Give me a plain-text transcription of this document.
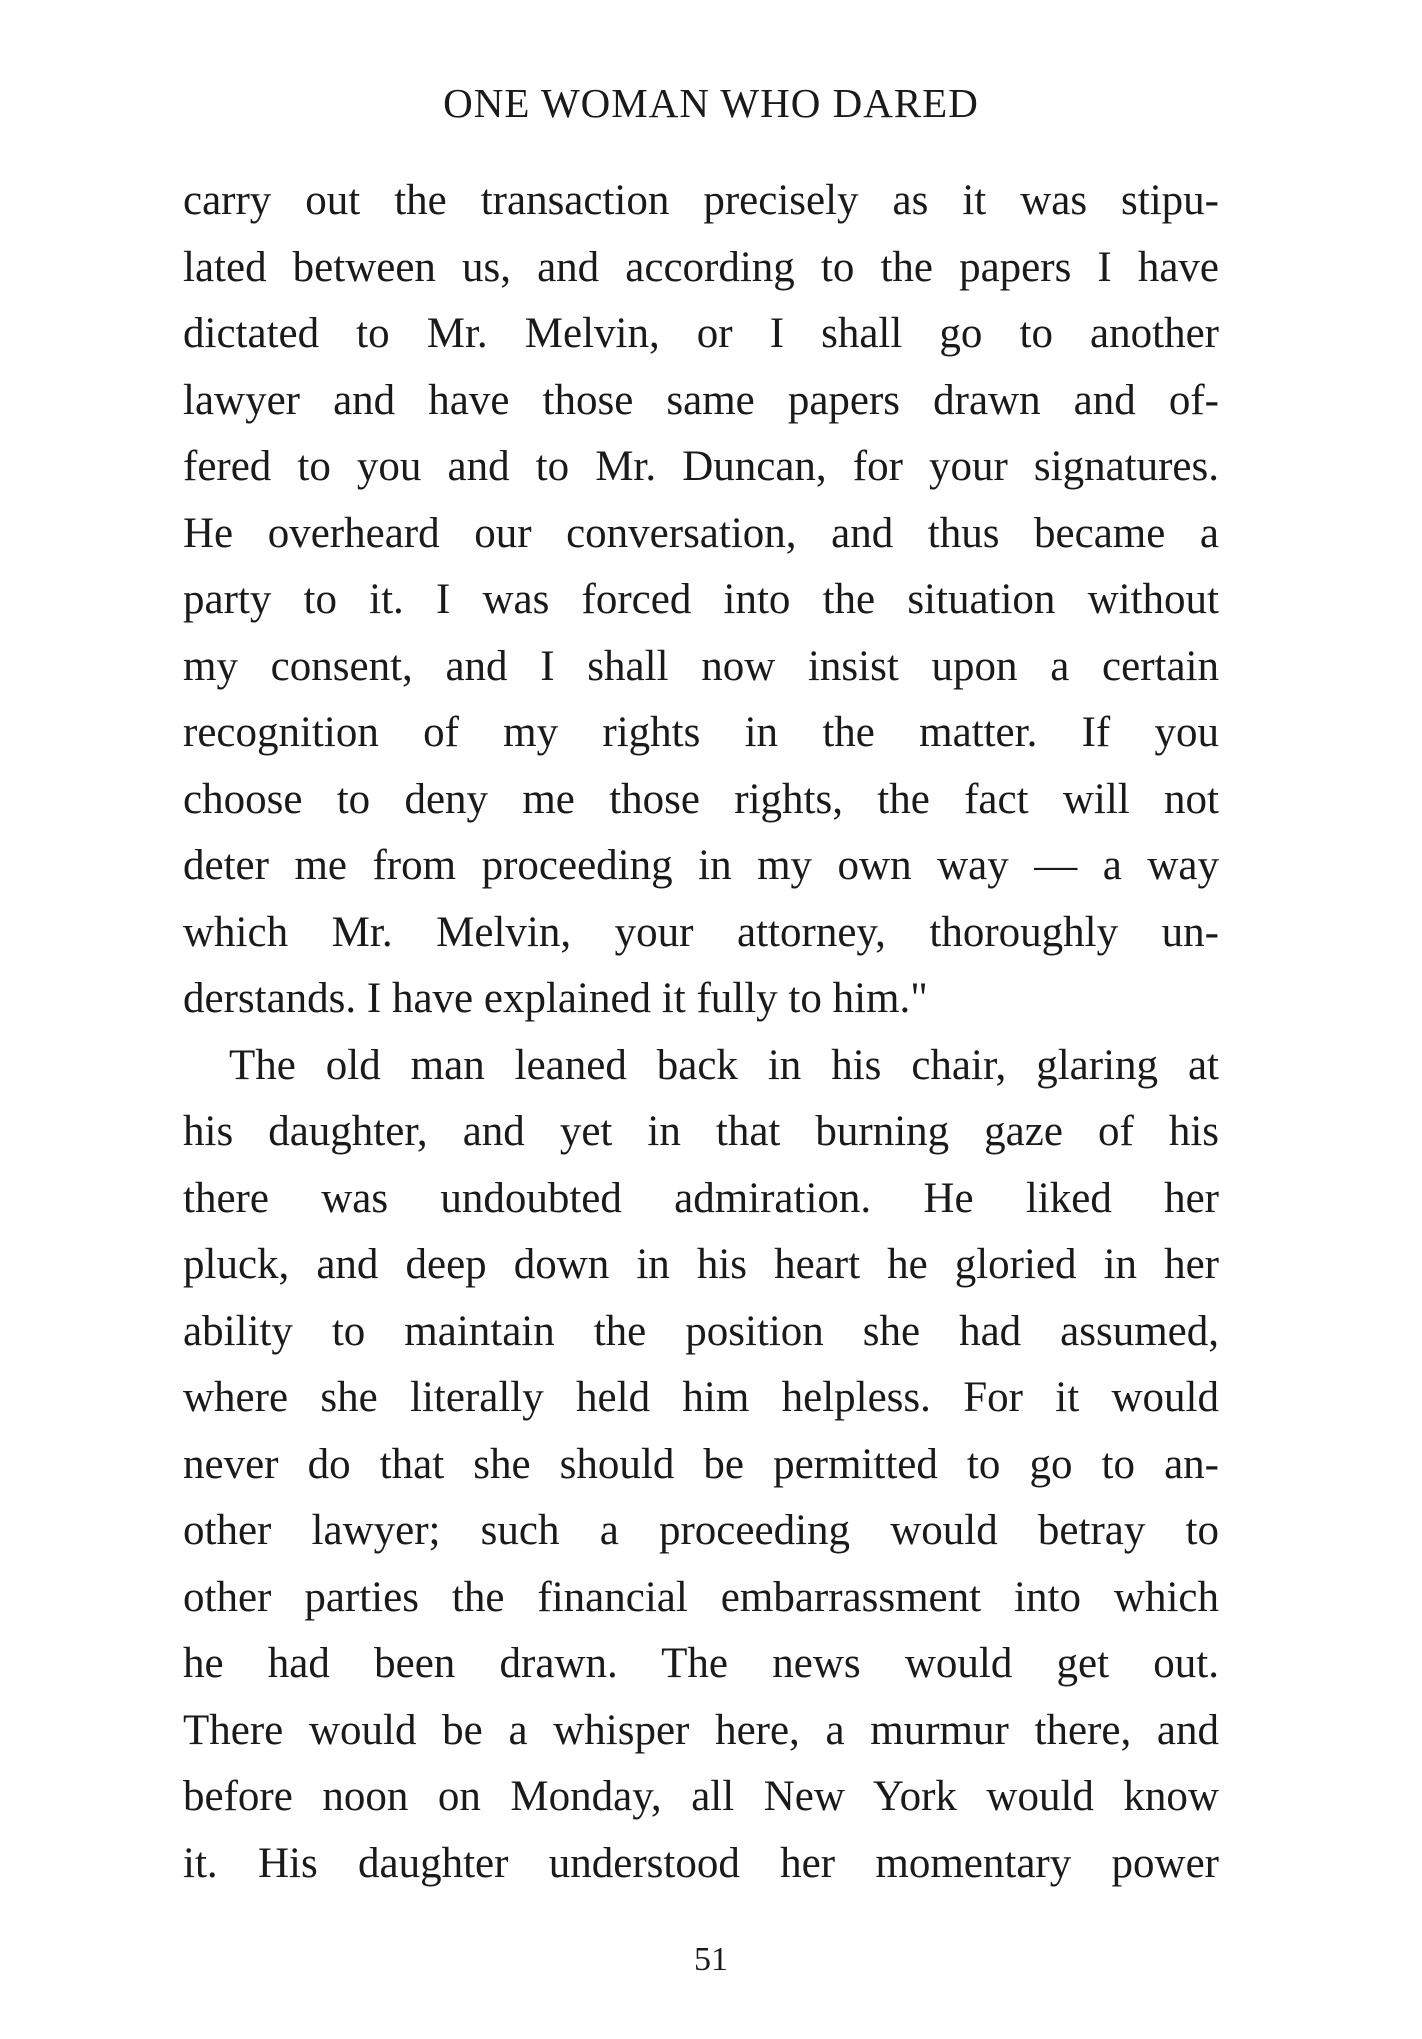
ONE WOMAN WHO DARED
carry out the transaction precisely as it was stipu-
lated between us, and according to the papers I have
dictated to Mr. Melvin, or I shall go to another
lawyer and have those same papers drawn and of-
fered to you and to Mr. Duncan, for your signatures.
He overheard our conversation, and thus became a
party to it. I was forced into the situation without
my consent, and I shall now insist upon a certain
recognition of my rights in the matter. If you
choose to deny me those rights, the fact will not
deter me from proceeding in my own way — a way
which Mr. Melvin, your attorney, thoroughly un-
derstands. I have explained it fully to him."
The old man leaned back in his chair, glaring at
his daughter, and yet in that burning gaze of his
there was undoubted admiration. He liked her
pluck, and deep down in his heart he gloried in her
ability to maintain the position she had assumed,
where she literally held him helpless. For it would
never do that she should be permitted to go to an-
other lawyer; such a proceeding would betray to
other parties the financial embarrassment into which
he had been drawn. The news would get out.
There would be a whisper here, a murmur there, and
before noon on Monday, all New York would know
it. His daughter understood her momentary power
51
